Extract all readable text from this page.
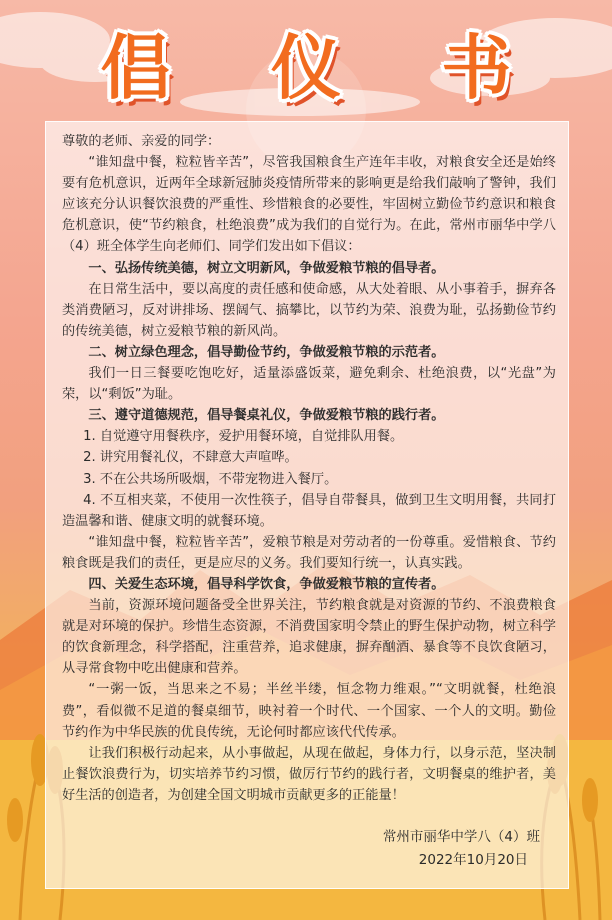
倡 仪 书

尊敬的老师、亲爱的同学：

“谁知盘中餐，粒粒皆辛苦”，尽管我国粮食生产连年丰收，对粮食安全还是始终要有危机意识，近两年全球新冠肺炎疫情所带来的影响更是给我们敲响了警钟，我们应该充分认识餐饮浪费的严重性、珍惜粮食的必要性，牢固树立勤俭节约意识和粮食危机意识，使“节约粮食，杜绝浪费”成为我们的自觉行为。在此，常州市丽华中学八（4）班全体学生向老师们、同学们发出如下倡议：

一、弘扬传统美德，树立文明新风，争做爱粮节粮的倡导者。

在日常生活中，要以高度的责任感和使命感，从大处着眼、从小事着手，摒弃各类消费陋习，反对讲排场、摆阔气、搞攀比，以节约为荣、浪费为耻，弘扬勤俭节约的传统美德，树立爱粮节粮的新风尚。

二、树立绿色理念，倡导勤俭节约，争做爱粮节粮的示范者。

我们一日三餐要吃饱吃好，适量添盛饭菜，避免剩余、杜绝浪费，以“光盘”为荣，以“剩饭”为耻。

三、遵守道德规范，倡导餐桌礼仪，争做爱粮节粮的践行者。

1. 自觉遵守用餐秩序，爱护用餐环境，自觉排队用餐。

2. 讲究用餐礼仪，不肆意大声喧哗。

3. 不在公共场所吸烟，不带宠物进入餐厅。

4. 不互相夹菜，不使用一次性筷子，倡导自带餐具，做到卫生文明用餐，共同打造温馨和谐、健康文明的就餐环境。

“谁知盘中餐，粒粒皆辛苦”，爱粮节粮是对劳动者的一份尊重。爱惜粮食、节约粮食既是我们的责任，更是应尽的义务。我们要知行统一，认真实践。

四、关爱生态环境，倡导科学饮食，争做爱粮节粮的宣传者。

当前，资源环境问题备受全世界关注，节约粮食就是对资源的节约、不浪费粮食就是对环境的保护。珍惜生态资源，不消费国家明令禁止的野生保护动物，树立科学的饮食新理念，科学搭配，注重营养，追求健康，摒弃酗酒、暴食等不良饮食陋习，从寻常食物中吃出健康和营养。

“一粥一饭，当思来之不易；半丝半缕，恒念物力维艰。”“文明就餐，杜绝浪费”，看似微不足道的餐桌细节，映衬着一个时代、一个国家、一个人的文明。勤俭节约作为中华民族的优良传统，无论何时都应该代代传承。

让我们积极行动起来，从小事做起，从现在做起，身体力行，以身示范，坚决制止餐饮浪费行为，切实培养节约习惯，做厉行节约的践行者，文明餐桌的维护者，美好生活的创造者，为创建全国文明城市贡献更多的正能量！

常州市丽华中学八（4）班
2022年10月20日
